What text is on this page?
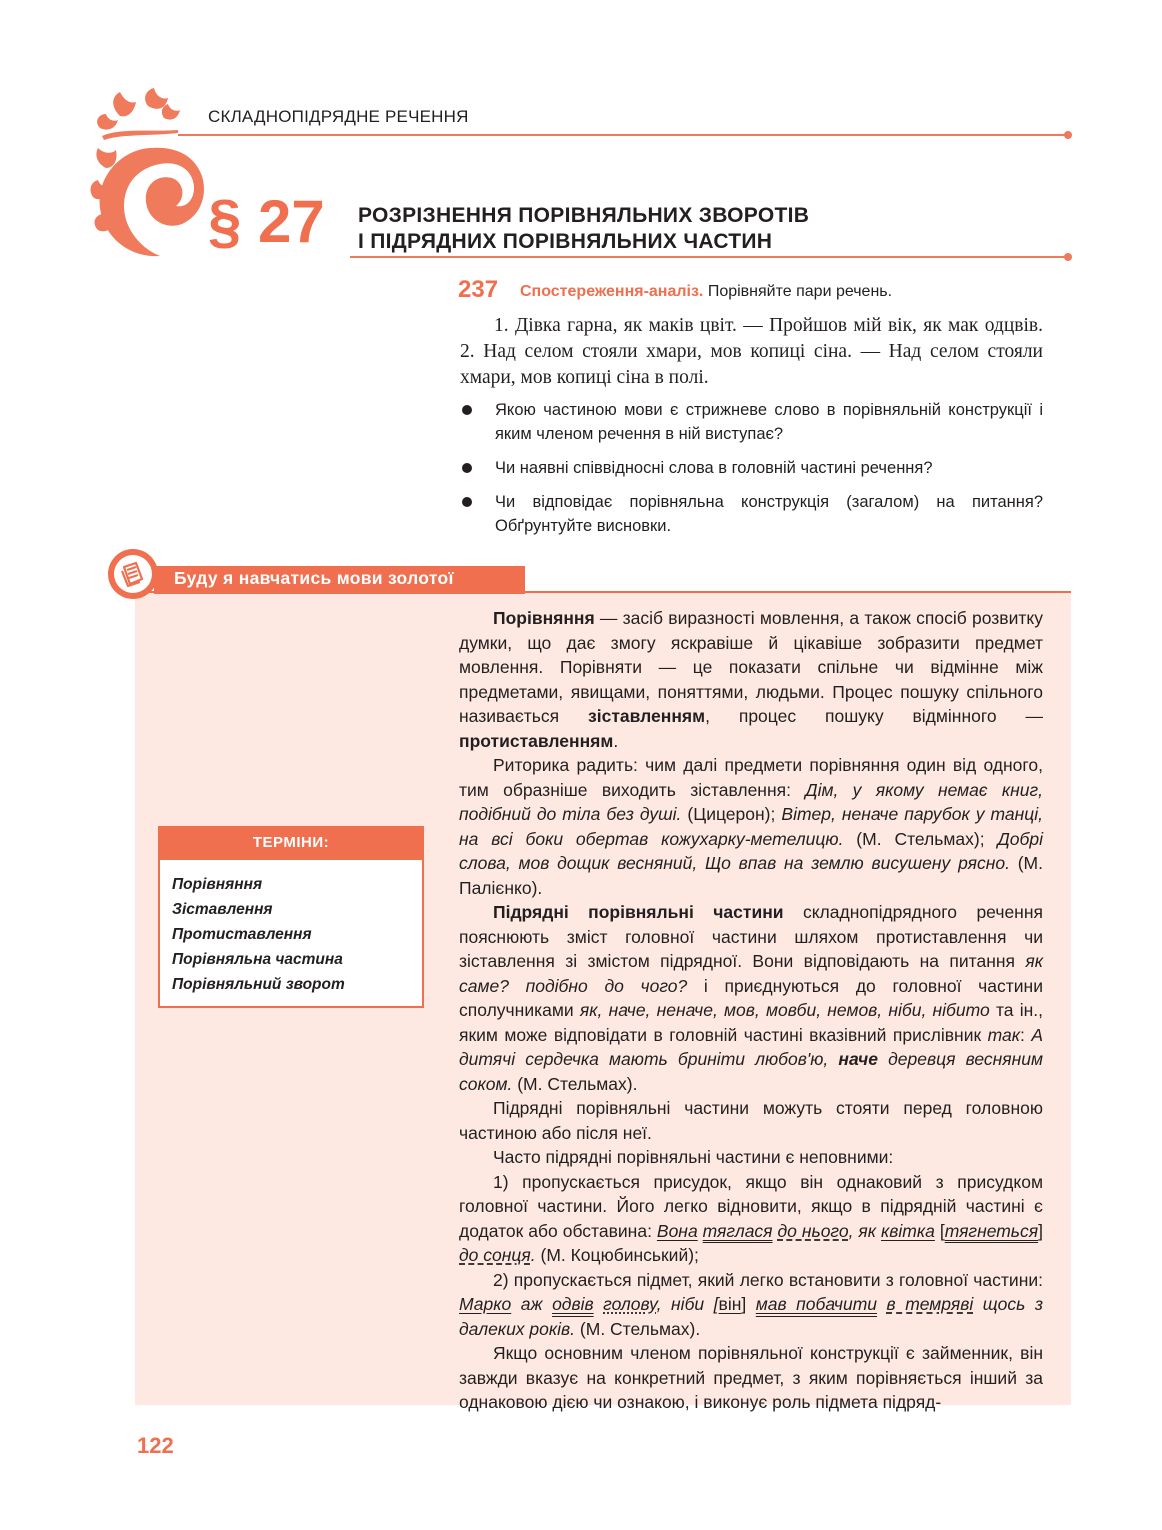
СКЛАДНОПІДРЯДНЕ РЕЧЕННЯ
§ 27 РОЗРІЗНЕННЯ ПОРІВНЯЛЬНИХ ЗВОРОТІВ
І ПІДРЯДНИХ ПОРІВНЯЛЬНИХ ЧАСТИН
237 Спостереження-аналіз. Порівняйте пари речень.

1. Дівка гарна, як маків цвіт. — Пройшов мій вік, як мак одцвів. 2. Над селом стояли хмари, мов копиці сіна. — Над селом стояли хмари, мов копиці сіна в полі.

Якою частиною мови є стрижневе слово в порівняльній конструкції і яким членом речення в ній виступає?
Чи наявні співвідносні слова в головній частині речення?
Чи відповідає порівняльна конструкція (загалом) на питання? Обґрунтуйте висновки.
Буду я навчатись мови золотої
ТЕРМІНИ:
Порівняння
Зіставлення
Протиставлення
Порівняльна частина
Порівняльний зворот

Порівняння — засіб виразності мовлення, а також спосіб розвитку думки, що дає змогу яскравіше й цікавіше зобразити предмет мовлення. Порівняти — це показати спільне чи відмінне між предметами, явищами, поняттями, людьми. Процес пошуку спільного називається зіставленням, процес пошуку відмінного — протиставленням.

Риторика радить: чим далі предмети порівняння один від одного, тим образніше виходить зіставлення: Дім, у якому немає книг, подібний до тіла без душі. (Цицерон); Вітер, неначе парубок у танці, на всі боки обертав кожухарку-метелицю. (М. Стельмах); Добрі слова, мов дощик весняний, Що впав на землю висушену рясно. (М. Палієнко).

Підрядні порівняльні частини складнопідрядного речення пояснюють зміст головної частини шляхом протиставлення чи зіставлення зі змістом підрядної. Вони відповідають на питання як саме? подібно до чого? і приєднуються до головної частини сполучниками як, наче, неначе, мов, мовби, немов, ніби, нібито та ін., яким може відповідати в головній частині вказівний прислівник так: А дитячі сердечка мають бриніти любов'ю, наче деревця весняним соком. (М. Стельмах).

Підрядні порівняльні частини можуть стояти перед головною частиною або після неї.

Часто підрядні порівняльні частини є неповними:

1) пропускається присудок, якщо він однаковий з присудком головної частини. Його легко відновити, якщо в підрядній частині є додаток або обставина: Вона тяглася до нього, як квітка [тягнеться] до сонця. (М. Коцюбинський);

2) пропускається підмет, який легко встановити з головної частини: Марко аж одвів голову, ніби [він] мав побачити в темряві щось з далеких років. (М. Стельмах).

Якщо основним членом порівняльної конструкції є займенник, він завжди вказує на конкретний предмет, з яким порівняється інший за однаковою дією чи ознакою, і виконує роль підмета підряд-

122
